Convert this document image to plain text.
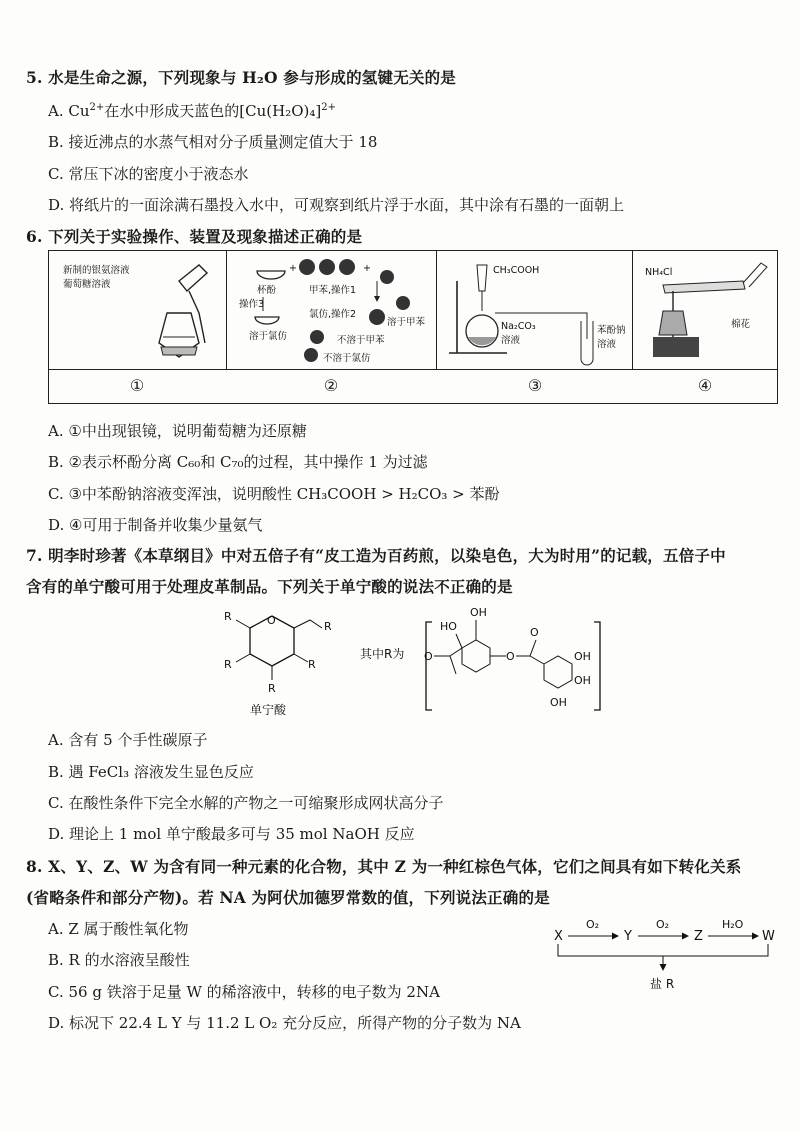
5. 水是生命之源，下列现象与 H₂O 参与形成的氢键无关的是
A. $Cu^{2+}$在水中形成天蓝色的$[Cu(H_2O)_4]^{2+}$
B. 接近沸点的水蒸气相对分子质量测定值大于 18
C. 常压下冰的密度小于液态水
D. 将纸片的一面涂满石墨投入水中，可观察到纸片浮于水面，其中涂有石墨的一面朝上
6. 下列关于实验操作、装置及现象描述正确的是
新制的银氨溶液
葡萄糖溶液
杯酚
+	+
甲苯,操作1
操作3
氯仿,操作2
溶于甲苯
溶于氯仿	不溶于甲苯
不溶于氯仿
CH₃COOH
Na₂CO₃
溶液
苯酚钠
溶液
NH₄Cl
棉花
①	②	③	④
A. ①中出现银镜，说明葡萄糖为还原糖
B. ②表示杯酚分离 C₆₀和 C₇₀的过程，其中操作 1 为过滤
C. ③中苯酚钠溶液变浑浊，说明酸性 CH₃COOH > H₂CO₃ > 苯酚
D. ④可用于制备并收集少量氨气
7. 明李时珍著《本草纲目》中对五倍子有“皮工造为百药煎，以染皂色，大为时用”的记载，五倍子中
含有的单宁酸可用于处理皮革制品。下列关于单宁酸的说法不正确的是
O
R
R
R	R
R
单宁酸
其中R为 O
OH
HO
O
O
OH
OH
OH
A. 含有 5 个手性碳原子
B. 遇 FeCl₃ 溶液发生显色反应
C. 在酸性条件下完全水解的产物之一可缩聚形成网状高分子
D. 理论上 1 mol 单宁酸最多可与 35 mol NaOH 反应
8. X、Y、Z、W 为含有同一种元素的化合物，其中 Z 为一种红棕色气体，它们之间具有如下转化关系
(省略条件和部分产物)。若 NA 为阿伏加德罗常数的值，下列说法正确的是
A. Z 属于酸性氧化物
B. R 的水溶液呈酸性
C. 56 g 铁溶于足量 W 的稀溶液中，转移的电子数为 2NA
D. 标况下 22.4 L Y 与 11.2 L O₂ 充分反应，所得产物的分子数为 NA
X
O₂
Y
O₂
Z
H₂O
W
盐 R
